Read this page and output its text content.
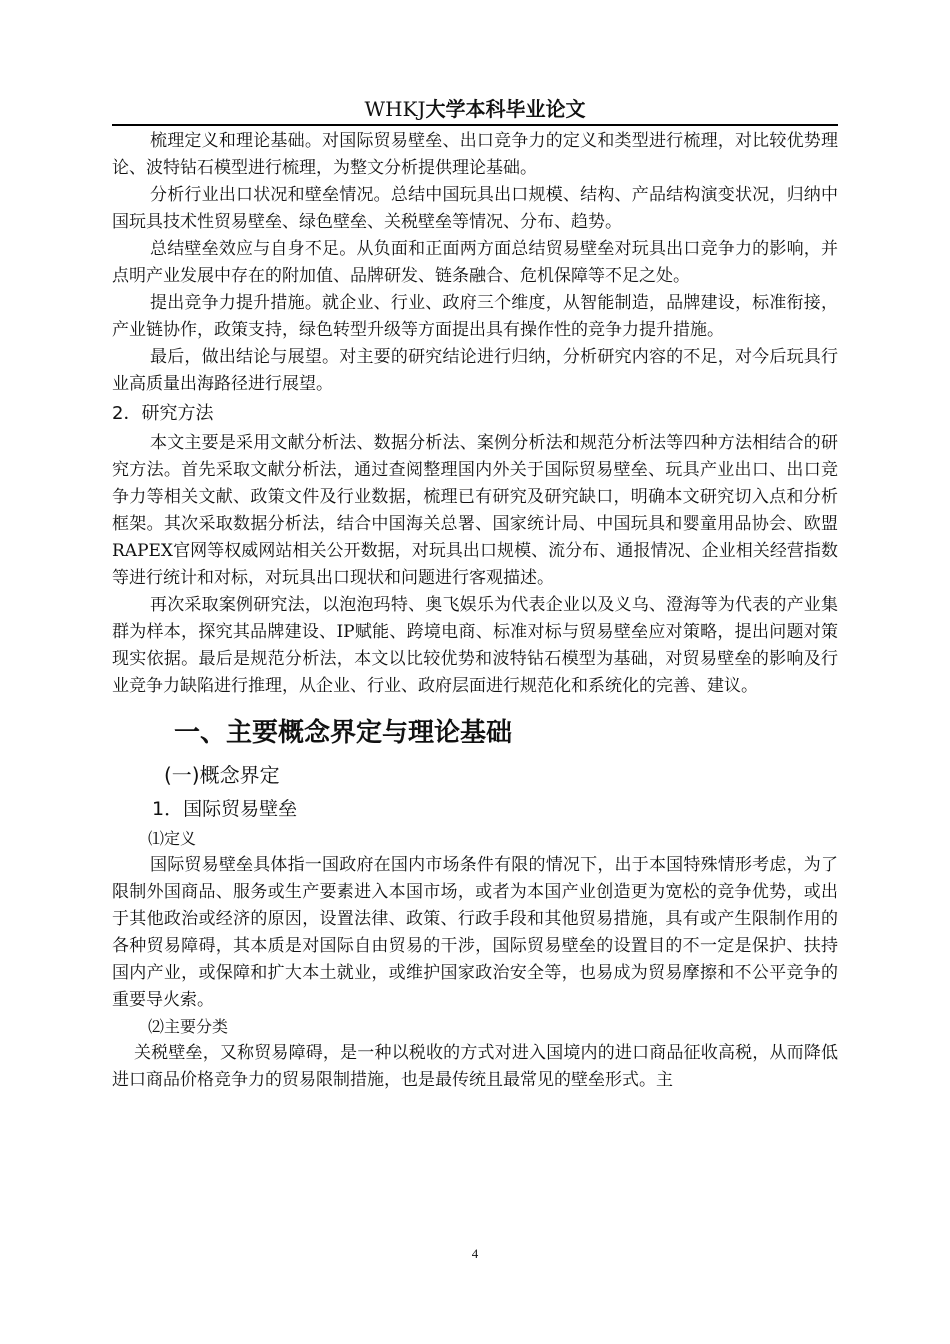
WHKJ大学本科毕业论文

梳理定义和理论基础。对国际贸易壁垒、出口竞争力的定义和类型进行梳理，对比较优势理论、波特钻石模型进行梳理，为整文分析提供理论基础。

分析行业出口状况和壁垒情况。总结中国玩具出口规模、结构、产品结构演变状况，归纳中国玩具技术性贸易壁垒、绿色壁垒、关税壁垒等情况、分布、趋势。

总结壁垒效应与自身不足。从负面和正面两方面总结贸易壁垒对玩具出口竞争力的影响，并点明产业发展中存在的附加值、品牌研发、链条融合、危机保障等不足之处。

提出竞争力提升措施。就企业、行业、政府三个维度，从智能制造，品牌建设，标准衔接，产业链协作，政策支持，绿色转型升级等方面提出具有操作性的竞争力提升措施。

最后，做出结论与展望。对主要的研究结论进行归纳，分析研究内容的不足，对今后玩具行业高质量出海路径进行展望。

2．研究方法

本文主要是采用文献分析法、数据分析法、案例分析法和规范分析法等四种方法相结合的研究方法。首先采取文献分析法，通过查阅整理国内外关于国际贸易壁垒、玩具产业出口、出口竞争力等相关文献、政策文件及行业数据，梳理已有研究及研究缺口，明确本文研究切入点和分析框架。其次采取数据分析法，结合中国海关总署、国家统计局、中国玩具和婴童用品协会、欧盟RAPEX官网等权威网站相关公开数据，对玩具出口规模、流分布、通报情况、企业相关经营指数等进行统计和对标，对玩具出口现状和问题进行客观描述。

再次采取案例研究法，以泡泡玛特、奥飞娱乐为代表企业以及义乌、澄海等为代表的产业集群为样本，探究其品牌建设、IP赋能、跨境电商、标准对标与贸易壁垒应对策略，提出问题对策现实依据。最后是规范分析法，本文以比较优势和波特钻石模型为基础，对贸易壁垒的影响及行业竞争力缺陷进行推理，从企业、行业、政府层面进行规范化和系统化的完善、建议。

一、主要概念界定与理论基础

(一)概念界定

1．国际贸易壁垒

⑴定义

国际贸易壁垒具体指一国政府在国内市场条件有限的情况下，出于本国特殊情形考虑，为了限制外国商品、服务或生产要素进入本国市场，或者为本国产业创造更为宽松的竞争优势，或出于其他政治或经济的原因，设置法律、政策、行政手段和其他贸易措施，具有或产生限制作用的各种贸易障碍，其本质是对国际自由贸易的干涉，国际贸易壁垒的设置目的不一定是保护、扶持国内产业，或保障和扩大本土就业，或维护国家政治安全等，也易成为贸易摩擦和不公平竞争的重要导火索。

⑵主要分类

关税壁垒，又称贸易障碍，是一种以税收的方式对进入国境内的进口商品征收高税，从而降低进口商品价格竞争力的贸易限制措施，也是最传统且最常见的壁垒形式。主

4
